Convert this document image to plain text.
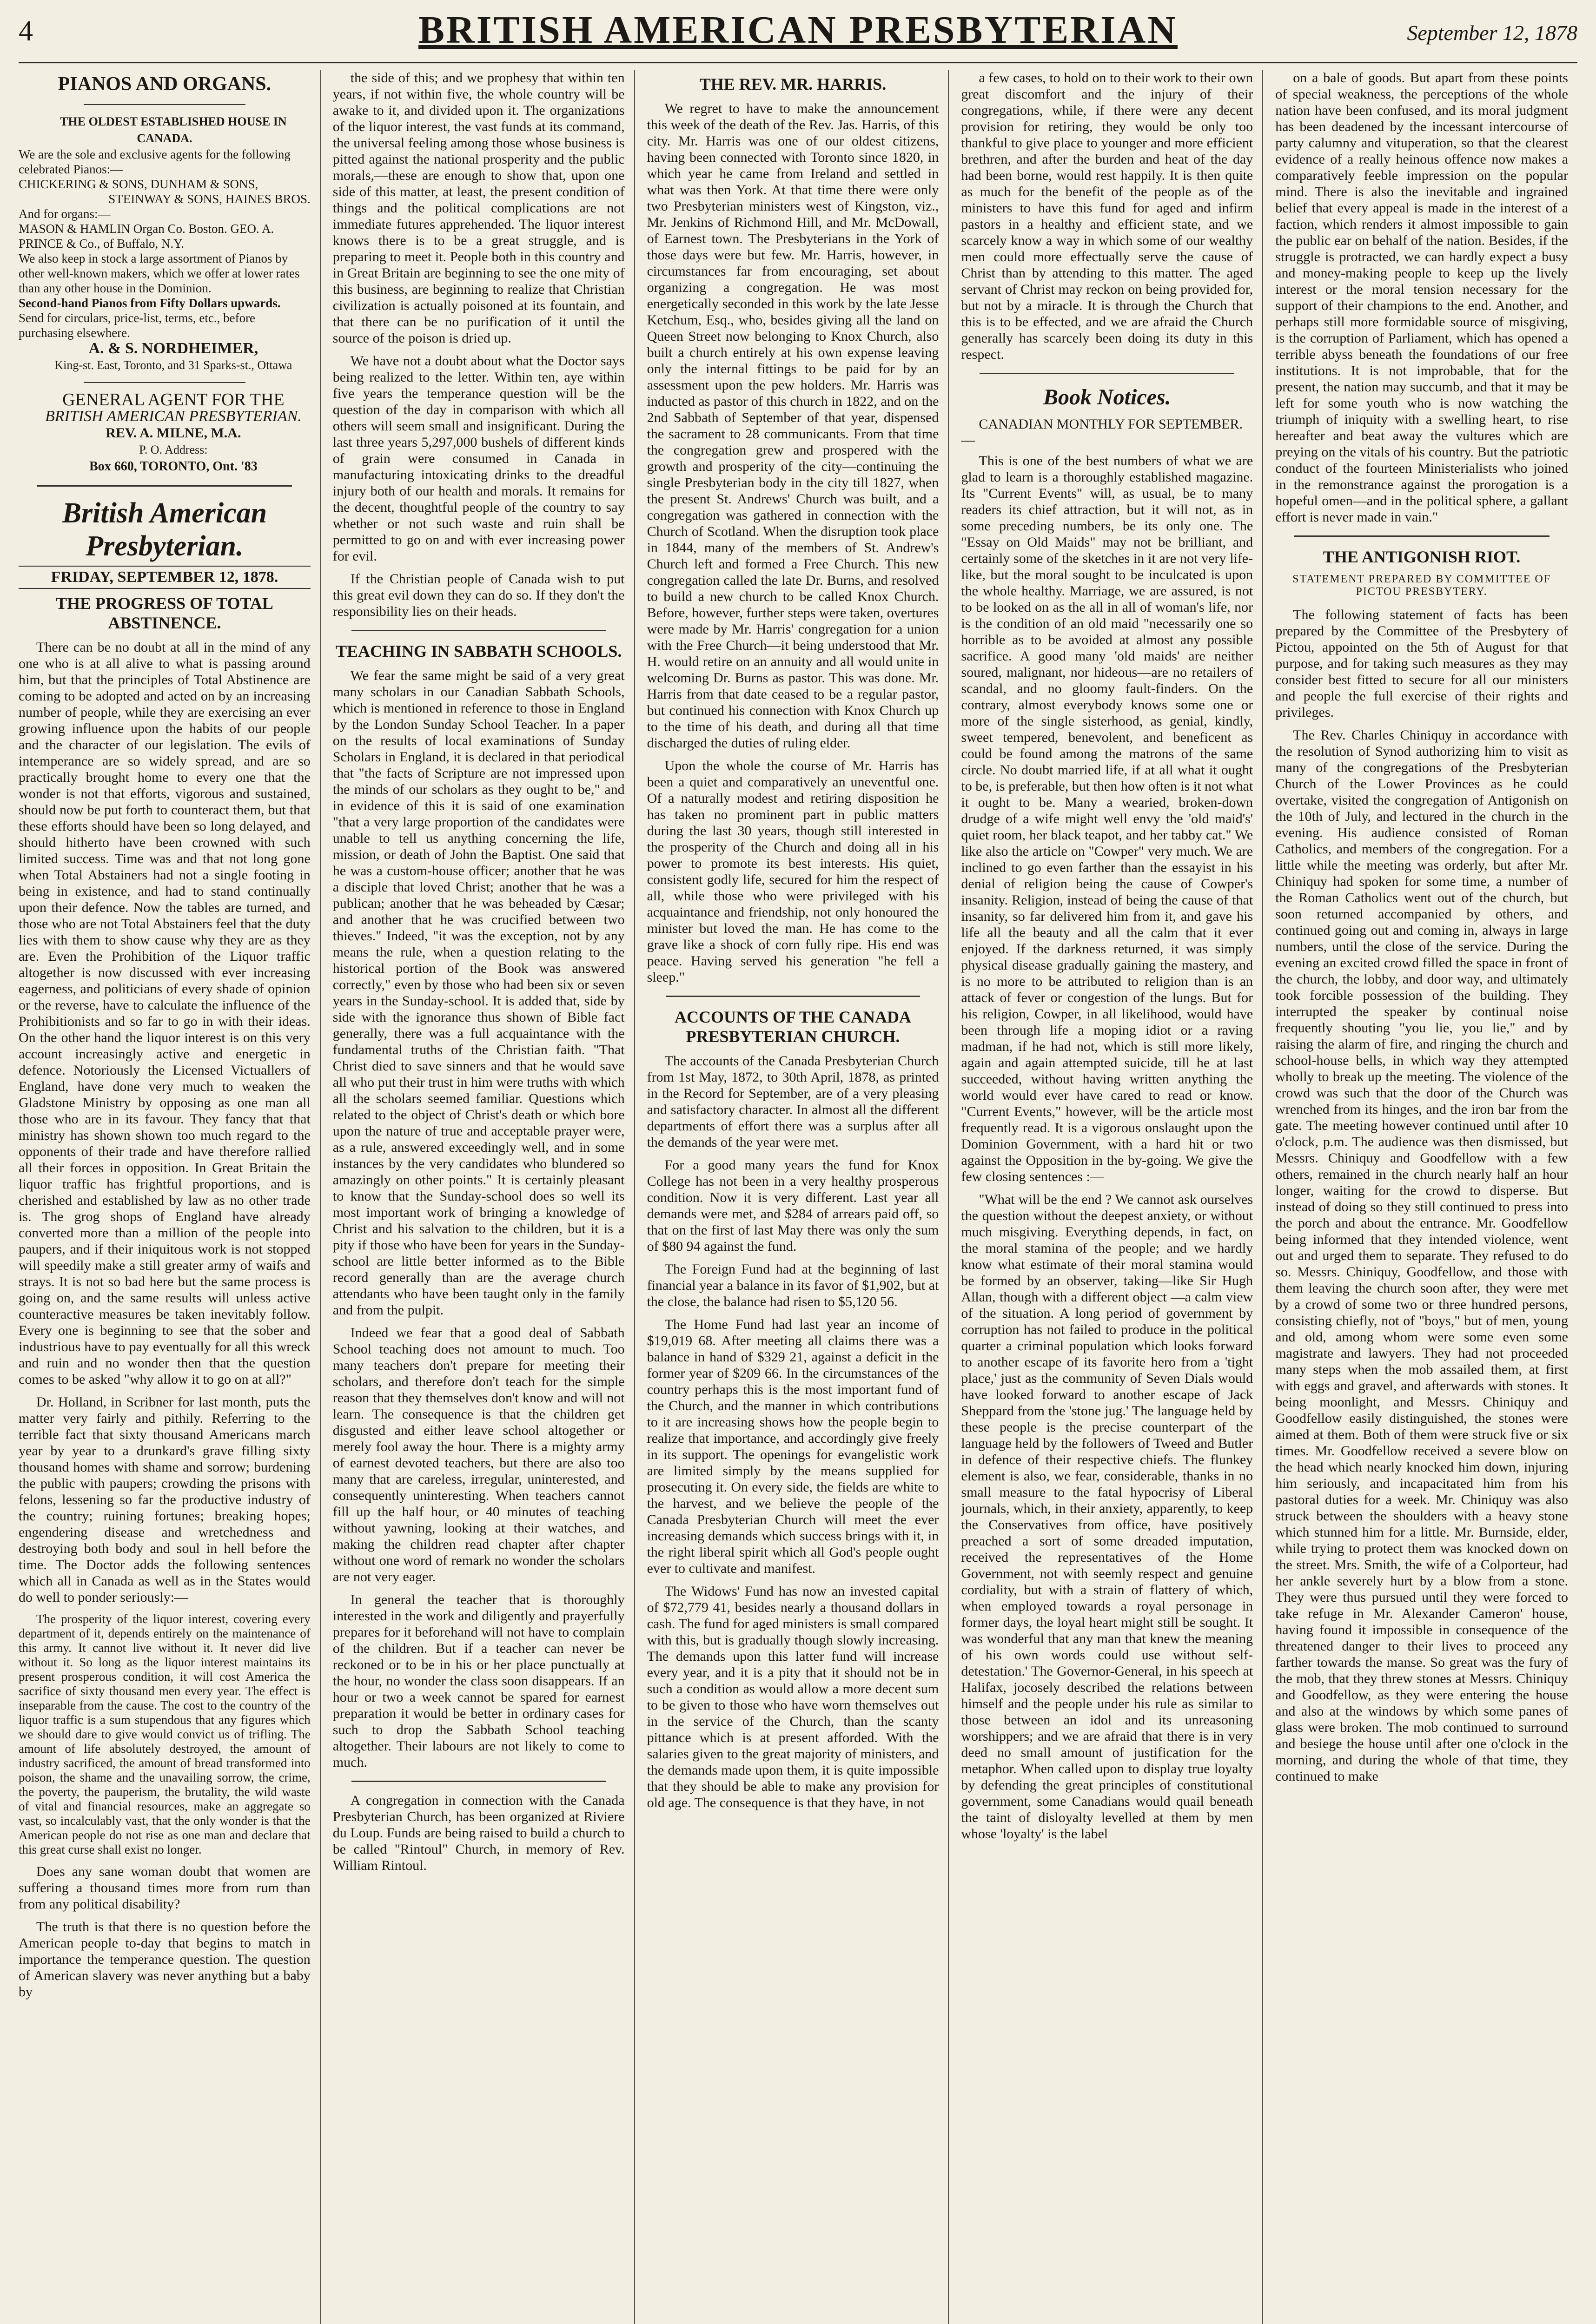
4	BRITISH AMERICAN PRESBYTERIAN	September 12, 1878
PIANOS AND ORGANS.

THE OLDEST ESTABLISHED HOUSE IN CANADA.

We are the sole and exclusive agents for the following celebrated Pianos:—

CHICKERING & SONS, DUNHAM & SONS,

STEINWAY & SONS, HAINES BROS.

And for organs:—

MASON & HAMLIN Organ Co. Boston. GEO. A. PRINCE & Co., of Buffalo, N.Y.

We also keep in stock a large assortment of Pianos by other well-known makers, which we offer at lower rates than any other house in the Dominion.

Second-hand Pianos from Fifty Dollars upwards.

Send for circulars, price-list, terms, etc., before purchasing elsewhere.

A. & S. NORDHEIMER,

King-st. East, Toronto, and 31 Sparks-st., Ottawa

GENERAL AGENT FOR THE

BRITISH AMERICAN PRESBYTERIAN.

REV. A. MILNE, M.A.

P. O. Address:

Box 660, TORONTO, Ont. '83

British American Presbyterian.
FRIDAY, SEPTEMBER 12, 1878.
THE PROGRESS OF TOTAL ABSTINENCE.

There can be no doubt at all in the mind of any one who is at all alive to what is passing around him, but that the principles of Total Abstinence are coming to be adopted and acted on by an increasing number of people, while they are exercising an ever growing influence upon the habits of our people and the character of our legislation. The evils of intemperance are so widely spread, and are so practically brought home to every one that the wonder is not that efforts, vigorous and sustained, should now be put forth to counteract them, but that these efforts should have been so long delayed, and should hitherto have been crowned with such limited success. Time was and that not long gone when Total Abstainers had not a single footing in being in existence, and had to stand continually upon their defence. Now the tables are turned, and those who are not Total Abstainers feel that the duty lies with them to show cause why they are as they are. Even the Prohibition of the Liquor traffic altogether is now discussed with ever increasing eagerness, and politicians of every shade of opinion or the reverse, have to calculate the influence of the Prohibitionists and so far to go in with their ideas. On the other hand the liquor interest is on this very account increasingly active and energetic in defence. Notoriously the Licensed Victuallers of England, have done very much to weaken the Gladstone Ministry by opposing as one man all those who are in its favour. They fancy that that ministry has shown shown too much regard to the opponents of their trade and have therefore rallied all their forces in opposition. In Great Britain the liquor traffic has frightful proportions, and is cherished and established by law as no other trade is. The grog shops of England have already converted more than a million of the people into paupers, and if their iniquitous work is not stopped will speedily make a still greater army of waifs and strays. It is not so bad here but the same process is going on, and the same results will unless active counteractive measures be taken inevitably follow. Every one is beginning to see that the sober and industrious have to pay eventually for all this wreck and ruin and no wonder then that the question comes to be asked "why allow it to go on at all?"

Dr. Holland, in Scribner for last month, puts the matter very fairly and pithily. Referring to the terrible fact that sixty thousand Americans march year by year to a drunkard's grave filling sixty thousand homes with shame and sorrow; burdening the public with paupers; crowding the prisons with felons, lessening so far the productive industry of the country; ruining fortunes; breaking hopes; engendering disease and wretchedness and destroying both body and soul in hell before the time. The Doctor adds the following sentences which all in Canada as well as in the States would do well to ponder seriously:—

The prosperity of the liquor interest, covering every department of it, depends entirely on the maintenance of this army. It cannot live without it. It never did live without it. So long as the liquor interest maintains its present prosperous condition, it will cost America the sacrifice of sixty thousand men every year. The effect is inseparable from the cause. The cost to the country of the liquor traffic is a sum stupendous that any figures which we should dare to give would convict us of trifling. The amount of life absolutely destroyed, the amount of industry sacrificed, the amount of bread transformed into poison, the shame and the unavailing sorrow, the crime, the poverty, the pauperism, the brutality, the wild waste of vital and financial resources, make an aggregate so vast, so incalculably vast, that the only wonder is that the American people do not rise as one man and declare that this great curse shall exist no longer.

Does any sane woman doubt that women are suffering a thousand times more from rum than from any political disability?

The truth is that there is no question before the American people to-day that begins to match in importance the temperance question. The question of American slavery was never anything but a baby by

the side of this; and we prophesy that within ten years, if not within five, the whole country will be awake to it, and divided upon it. The organizations of the liquor interest, the vast funds at its command, the universal feeling among those whose business is pitted against the national prosperity and the public morals,—these are enough to show that, upon one side of this matter, at least, the present condition of things and the political complications are not immediate futures apprehended. The liquor interest knows there is to be a great struggle, and is preparing to meet it. People both in this country and in Great Britain are beginning to see the one mity of this business, are beginning to realize that Christian civilization is actually poisoned at its fountain, and that there can be no purification of it until the source of the poison is dried up.

We have not a doubt about what the Doctor says being realized to the letter. Within ten, aye within five years the temperance question will be the question of the day in comparison with which all others will seem small and insignificant. During the last three years 5,297,000 bushels of different kinds of grain were consumed in Canada in manufacturing intoxicating drinks to the dreadful injury both of our health and morals. It remains for the decent, thoughtful people of the country to say whether or not such waste and ruin shall be permitted to go on and with ever increasing power for evil.

If the Christian people of Canada wish to put this great evil down they can do so. If they don't the responsibility lies on their heads.

TEACHING IN SABBATH SCHOOLS.

We fear the same might be said of a very great many scholars in our Canadian Sabbath Schools, which is mentioned in reference to those in England by the London Sunday School Teacher. In a paper on the results of local examinations of Sunday Scholars in England, it is declared in that periodical that "the facts of Scripture are not impressed upon the minds of our scholars as they ought to be," and in evidence of this it is said of one examination "that a very large proportion of the candidates were unable to tell us anything concerning the life, mission, or death of John the Baptist. One said that he was a custom-house officer; another that he was a disciple that loved Christ; another that he was a publican; another that he was beheaded by Cæsar; and another that he was crucified between two thieves." Indeed, "it was the exception, not by any means the rule, when a question relating to the historical portion of the Book was answered correctly," even by those who had been six or seven years in the Sunday-school. It is added that, side by side with the ignorance thus shown of Bible fact generally, there was a full acquaintance with the fundamental truths of the Christian faith. "That Christ died to save sinners and that he would save all who put their trust in him were truths with which all the scholars seemed familiar. Questions which related to the object of Christ's death or which bore upon the nature of true and acceptable prayer were, as a rule, answered exceedingly well, and in some instances by the very candidates who blundered so amazingly on other points." It is certainly pleasant to know that the Sunday-school does so well its most important work of bringing a knowledge of Christ and his salvation to the children, but it is a pity if those who have been for years in the Sunday-school are little better informed as to the Bible record generally than are the average church attendants who have been taught only in the family and from the pulpit.

Indeed we fear that a good deal of Sabbath School teaching does not amount to much. Too many teachers don't prepare for meeting their scholars, and therefore don't teach for the simple reason that they themselves don't know and will not learn. The consequence is that the children get disgusted and either leave school altogether or merely fool away the hour. There is a mighty army of earnest devoted teachers, but there are also too many that are careless, irregular, uninterested, and consequently uninteresting. When teachers cannot fill up the half hour, or 40 minutes of teaching without yawning, looking at their watches, and making the children read chapter after chapter without one word of remark no wonder the scholars are not very eager.

In general the teacher that is thoroughly interested in the work and diligently and prayerfully prepares for it beforehand will not have to complain of the children. But if a teacher can never be reckoned or to be in his or her place punctually at the hour, no wonder the class soon disappears. If an hour or two a week cannot be spared for earnest preparation it would be better in ordinary cases for such to drop the Sabbath School teaching altogether. Their labours are not likely to come to much.

A congregation in connection with the Canada Presbyterian Church, has been organized at Riviere du Loup. Funds are being raised to build a church to be called "Rintoul" Church, in memory of Rev. William Rintoul.

THE REV. MR. HARRIS.

We regret to have to make the announcement this week of the death of the Rev. Jas. Harris, of this city. Mr. Harris was one of our oldest citizens, having been connected with Toronto since 1820, in which year he came from Ireland and settled in what was then York. At that time there were only two Presbyterian ministers west of Kingston, viz., Mr. Jenkins of Richmond Hill, and Mr. McDowall, of Earnest town. The Presbyterians in the York of those days were but few. Mr. Harris, however, in circumstances far from encouraging, set about organizing a congregation. He was most energetically seconded in this work by the late Jesse Ketchum, Esq., who, besides giving all the land on Queen Street now belonging to Knox Church, also built a church entirely at his own expense leaving only the internal fittings to be paid for by an assessment upon the pew holders. Mr. Harris was inducted as pastor of this church in 1822, and on the 2nd Sabbath of September of that year, dispensed the sacrament to 28 communicants. From that time the congregation grew and prospered with the growth and prosperity of the city—continuing the single Presbyterian body in the city till 1827, when the present St. Andrews' Church was built, and a congregation was gathered in connection with the Church of Scotland. When the disruption took place in 1844, many of the members of St. Andrew's Church left and formed a Free Church. This new congregation called the late Dr. Burns, and resolved to build a new church to be called Knox Church. Before, however, further steps were taken, overtures were made by Mr. Harris' congregation for a union with the Free Church—it being understood that Mr. H. would retire on an annuity and all would unite in welcoming Dr. Burns as pastor. This was done. Mr. Harris from that date ceased to be a regular pastor, but continued his connection with Knox Church up to the time of his death, and during all that time discharged the duties of ruling elder.

Upon the whole the course of Mr. Harris has been a quiet and comparatively an uneventful one. Of a naturally modest and retiring disposition he has taken no prominent part in public matters during the last 30 years, though still interested in the prosperity of the Church and doing all in his power to promote its best interests. His quiet, consistent godly life, secured for him the respect of all, while those who were privileged with his acquaintance and friendship, not only honoured the minister but loved the man. He has come to the grave like a shock of corn fully ripe. His end was peace. Having served his generation "he fell a sleep."

ACCOUNTS OF THE CANADA PRESBYTERIAN CHURCH.

The accounts of the Canada Presbyterian Church from 1st May, 1872, to 30th April, 1878, as printed in the Record for September, are of a very pleasing and satisfactory character. In almost all the different departments of effort there was a surplus after all the demands of the year were met.

For a good many years the fund for Knox College has not been in a very healthy prosperous condition. Now it is very different. Last year all demands were met, and $284 of arrears paid off, so that on the first of last May there was only the sum of $80 94 against the fund.

The Foreign Fund had at the beginning of last financial year a balance in its favor of $1,902, but at the close, the balance had risen to $5,120 56.

The Home Fund had last year an income of $19,019 68. After meeting all claims there was a balance in hand of $329 21, against a deficit in the former year of $209 66. In the circumstances of the country perhaps this is the most important fund of the Church, and the manner in which contributions to it are increasing shows how the people begin to realize that importance, and accordingly give freely in its support. The openings for evangelistic work are limited simply by the means supplied for prosecuting it. On every side, the fields are white to the harvest, and we believe the people of the Canada Presbyterian Church will meet the ever increasing demands which success brings with it, in the right liberal spirit which all God's people ought ever to cultivate and manifest.

The Widows' Fund has now an invested capital of $72,779 41, besides nearly a thousand dollars in cash. The fund for aged ministers is small compared with this, but is gradually though slowly increasing. The demands upon this latter fund will increase every year, and it is a pity that it should not be in such a condition as would allow a more decent sum to be given to those who have worn themselves out in the service of the Church, than the scanty pittance which is at present afforded. With the salaries given to the great majority of ministers, and the demands made upon them, it is quite impossible that they should be able to make any provision for old age. The consequence is that they have, in not

a few cases, to hold on to their work to their own great discomfort and the injury of their congregations, while, if there were any decent provision for retiring, they would be only too thankful to give place to younger and more efficient brethren, and after the burden and heat of the day had been borne, would rest happily. It is then quite as much for the benefit of the people as of the ministers to have this fund for aged and infirm pastors in a healthy and efficient state, and we scarcely know a way in which some of our wealthy men could more effectually serve the cause of Christ than by attending to this matter. The aged servant of Christ may reckon on being provided for, but not by a miracle. It is through the Church that this is to be effected, and we are afraid the Church generally has scarcely been doing its duty in this respect.

Book Notices.
CANADIAN MONTHLY FOR SEPTEMBER.—

This is one of the best numbers of what we are glad to learn is a thoroughly established magazine. Its "Current Events" will, as usual, be to many readers its chief attraction, but it will not, as in some preceding numbers, be its only one. The "Essay on Old Maids" may not be brilliant, and certainly some of the sketches in it are not very life-like, but the moral sought to be inculcated is upon the whole healthy. Marriage, we are assured, is not to be looked on as the all in all of woman's life, nor is the condition of an old maid "necessarily one so horrible as to be avoided at almost any possible sacrifice. A good many 'old maids' are neither soured, malignant, nor hideous—are no retailers of scandal, and no gloomy fault-finders. On the contrary, almost everybody knows some one or more of the single sisterhood, as genial, kindly, sweet tempered, benevolent, and beneficent as could be found among the matrons of the same circle. No doubt married life, if at all what it ought to be, is preferable, but then how often is it not what it ought to be. Many a wearied, broken-down drudge of a wife might well envy the 'old maid's' quiet room, her black teapot, and her tabby cat." We like also the article on "Cowper" very much. We are inclined to go even farther than the essayist in his denial of religion being the cause of Cowper's insanity. Religion, instead of being the cause of that insanity, so far delivered him from it, and gave his life all the beauty and all the calm that it ever enjoyed. If the darkness returned, it was simply physical disease gradually gaining the mastery, and is no more to be attributed to religion than is an attack of fever or congestion of the lungs. But for his religion, Cowper, in all likelihood, would have been through life a moping idiot or a raving madman, if he had not, which is still more likely, again and again attempted suicide, till he at last succeeded, without having written anything the world would ever have cared to read or know. "Current Events," however, will be the article most frequently read. It is a vigorous onslaught upon the Dominion Government, with a hard hit or two against the Opposition in the by-going. We give the few closing sentences :—

"What will be the end ? We cannot ask ourselves the question without the deepest anxiety, or without much misgiving. Everything depends, in fact, on the moral stamina of the people; and we hardly know what estimate of their moral stamina would be formed by an observer, taking—like Sir Hugh Allan, though with a different object —a calm view of the situation. A long period of government by corruption has not failed to produce in the political quarter a criminal population which looks forward to another escape of its favorite hero from a 'tight place,' just as the community of Seven Dials would have looked forward to another escape of Jack Sheppard from the 'stone jug.' The language held by these people is the precise counterpart of the language held by the followers of Tweed and Butler in defence of their respective chiefs. The flunkey element is also, we fear, considerable, thanks in no small measure to the fatal hypocrisy of Liberal journals, which, in their anxiety, apparently, to keep the Conservatives from office, have positively preached a sort of some dreaded imputation, received the representatives of the Home Government, not with seemly respect and genuine cordiality, but with a strain of flattery of which, when employed towards a royal personage in former days, the loyal heart might still be sought. It was wonderful that any man that knew the meaning of his own words could use without self-detestation.' The Governor-General, in his speech at Halifax, jocosely described the relations between himself and the people under his rule as similar to those between an idol and its unreasoning worshippers; and we are afraid that there is in very deed no small amount of justification for the metaphor. When called upon to display true loyalty by defending the great principles of constitutional government, some Canadians would quail beneath the taint of disloyalty levelled at them by men whose 'loyalty' is the label

on a bale of goods. But apart from these points of special weakness, the perceptions of the whole nation have been confused, and its moral judgment has been deadened by the incessant intercourse of party calumny and vituperation, so that the clearest evidence of a really heinous offence now makes a comparatively feeble impression on the popular mind. There is also the inevitable and ingrained belief that every appeal is made in the interest of a faction, which renders it almost impossible to gain the public ear on behalf of the nation. Besides, if the struggle is protracted, we can hardly expect a busy and money-making people to keep up the lively interest or the moral tension necessary for the support of their champions to the end. Another, and perhaps still more formidable source of misgiving, is the corruption of Parliament, which has opened a terrible abyss beneath the foundations of our free institutions. It is not improbable, that for the present, the nation may succumb, and that it may be left for some youth who is now watching the triumph of iniquity with a swelling heart, to rise hereafter and beat away the vultures which are preying on the vitals of his country. But the patriotic conduct of the fourteen Ministerialists who joined in the remonstrance against the prorogation is a hopeful omen—and in the political sphere, a gallant effort is never made in vain."

THE ANTIGONISH RIOT.
STATEMENT PREPARED BY COMMITTEE OF PICTOU PRESBYTERY.

The following statement of facts has been prepared by the Committee of the Presbytery of Pictou, appointed on the 5th of August for that purpose, and for taking such measures as they may consider best fitted to secure for all our ministers and people the full exercise of their rights and privileges.

The Rev. Charles Chiniquy in accordance with the resolution of Synod authorizing him to visit as many of the congregations of the Presbyterian Church of the Lower Provinces as he could overtake, visited the congregation of Antigonish on the 10th of July, and lectured in the church in the evening. His audience consisted of Roman Catholics, and members of the congregation. For a little while the meeting was orderly, but after Mr. Chiniquy had spoken for some time, a number of the Roman Catholics went out of the church, but soon returned accompanied by others, and continued going out and coming in, always in large numbers, until the close of the service. During the evening an excited crowd filled the space in front of the church, the lobby, and door way, and ultimately took forcible possession of the building. They interrupted the speaker by continual noise frequently shouting "you lie, you lie," and by raising the alarm of fire, and ringing the church and school-house bells, in which way they attempted wholly to break up the meeting. The violence of the crowd was such that the door of the Church was wrenched from its hinges, and the iron bar from the gate. The meeting however continued until after 10 o'clock, p.m. The audience was then dismissed, but Messrs. Chiniquy and Goodfellow with a few others, remained in the church nearly half an hour longer, waiting for the crowd to disperse. But instead of doing so they still continued to press into the porch and about the entrance. Mr. Goodfellow being informed that they intended violence, went out and urged them to separate. They refused to do so. Messrs. Chiniquy, Goodfellow, and those with them leaving the church soon after, they were met by a crowd of some two or three hundred persons, consisting chiefly, not of "boys," but of men, young and old, among whom were some even some magistrate and lawyers. They had not proceeded many steps when the mob assailed them, at first with eggs and gravel, and afterwards with stones. It being moonlight, and Messrs. Chiniquy and Goodfellow easily distinguished, the stones were aimed at them. Both of them were struck five or six times. Mr. Goodfellow received a severe blow on the head which nearly knocked him down, injuring him seriously, and incapacitated him from his pastoral duties for a week. Mr. Chiniquy was also struck between the shoulders with a heavy stone which stunned him for a little. Mr. Burnside, elder, while trying to protect them was knocked down on the street. Mrs. Smith, the wife of a Colporteur, had her ankle severely hurt by a blow from a stone. They were thus pursued until they were forced to take refuge in Mr. Alexander Cameron' house, having found it impossible in consequence of the threatened danger to their lives to proceed any farther towards the manse. So great was the fury of the mob, that they threw stones at Messrs. Chiniquy and Goodfellow, as they were entering the house and also at the windows by which some panes of glass were broken. The mob continued to surround and besiege the house until after one o'clock in the morning, and during the whole of that time, they continued to make
